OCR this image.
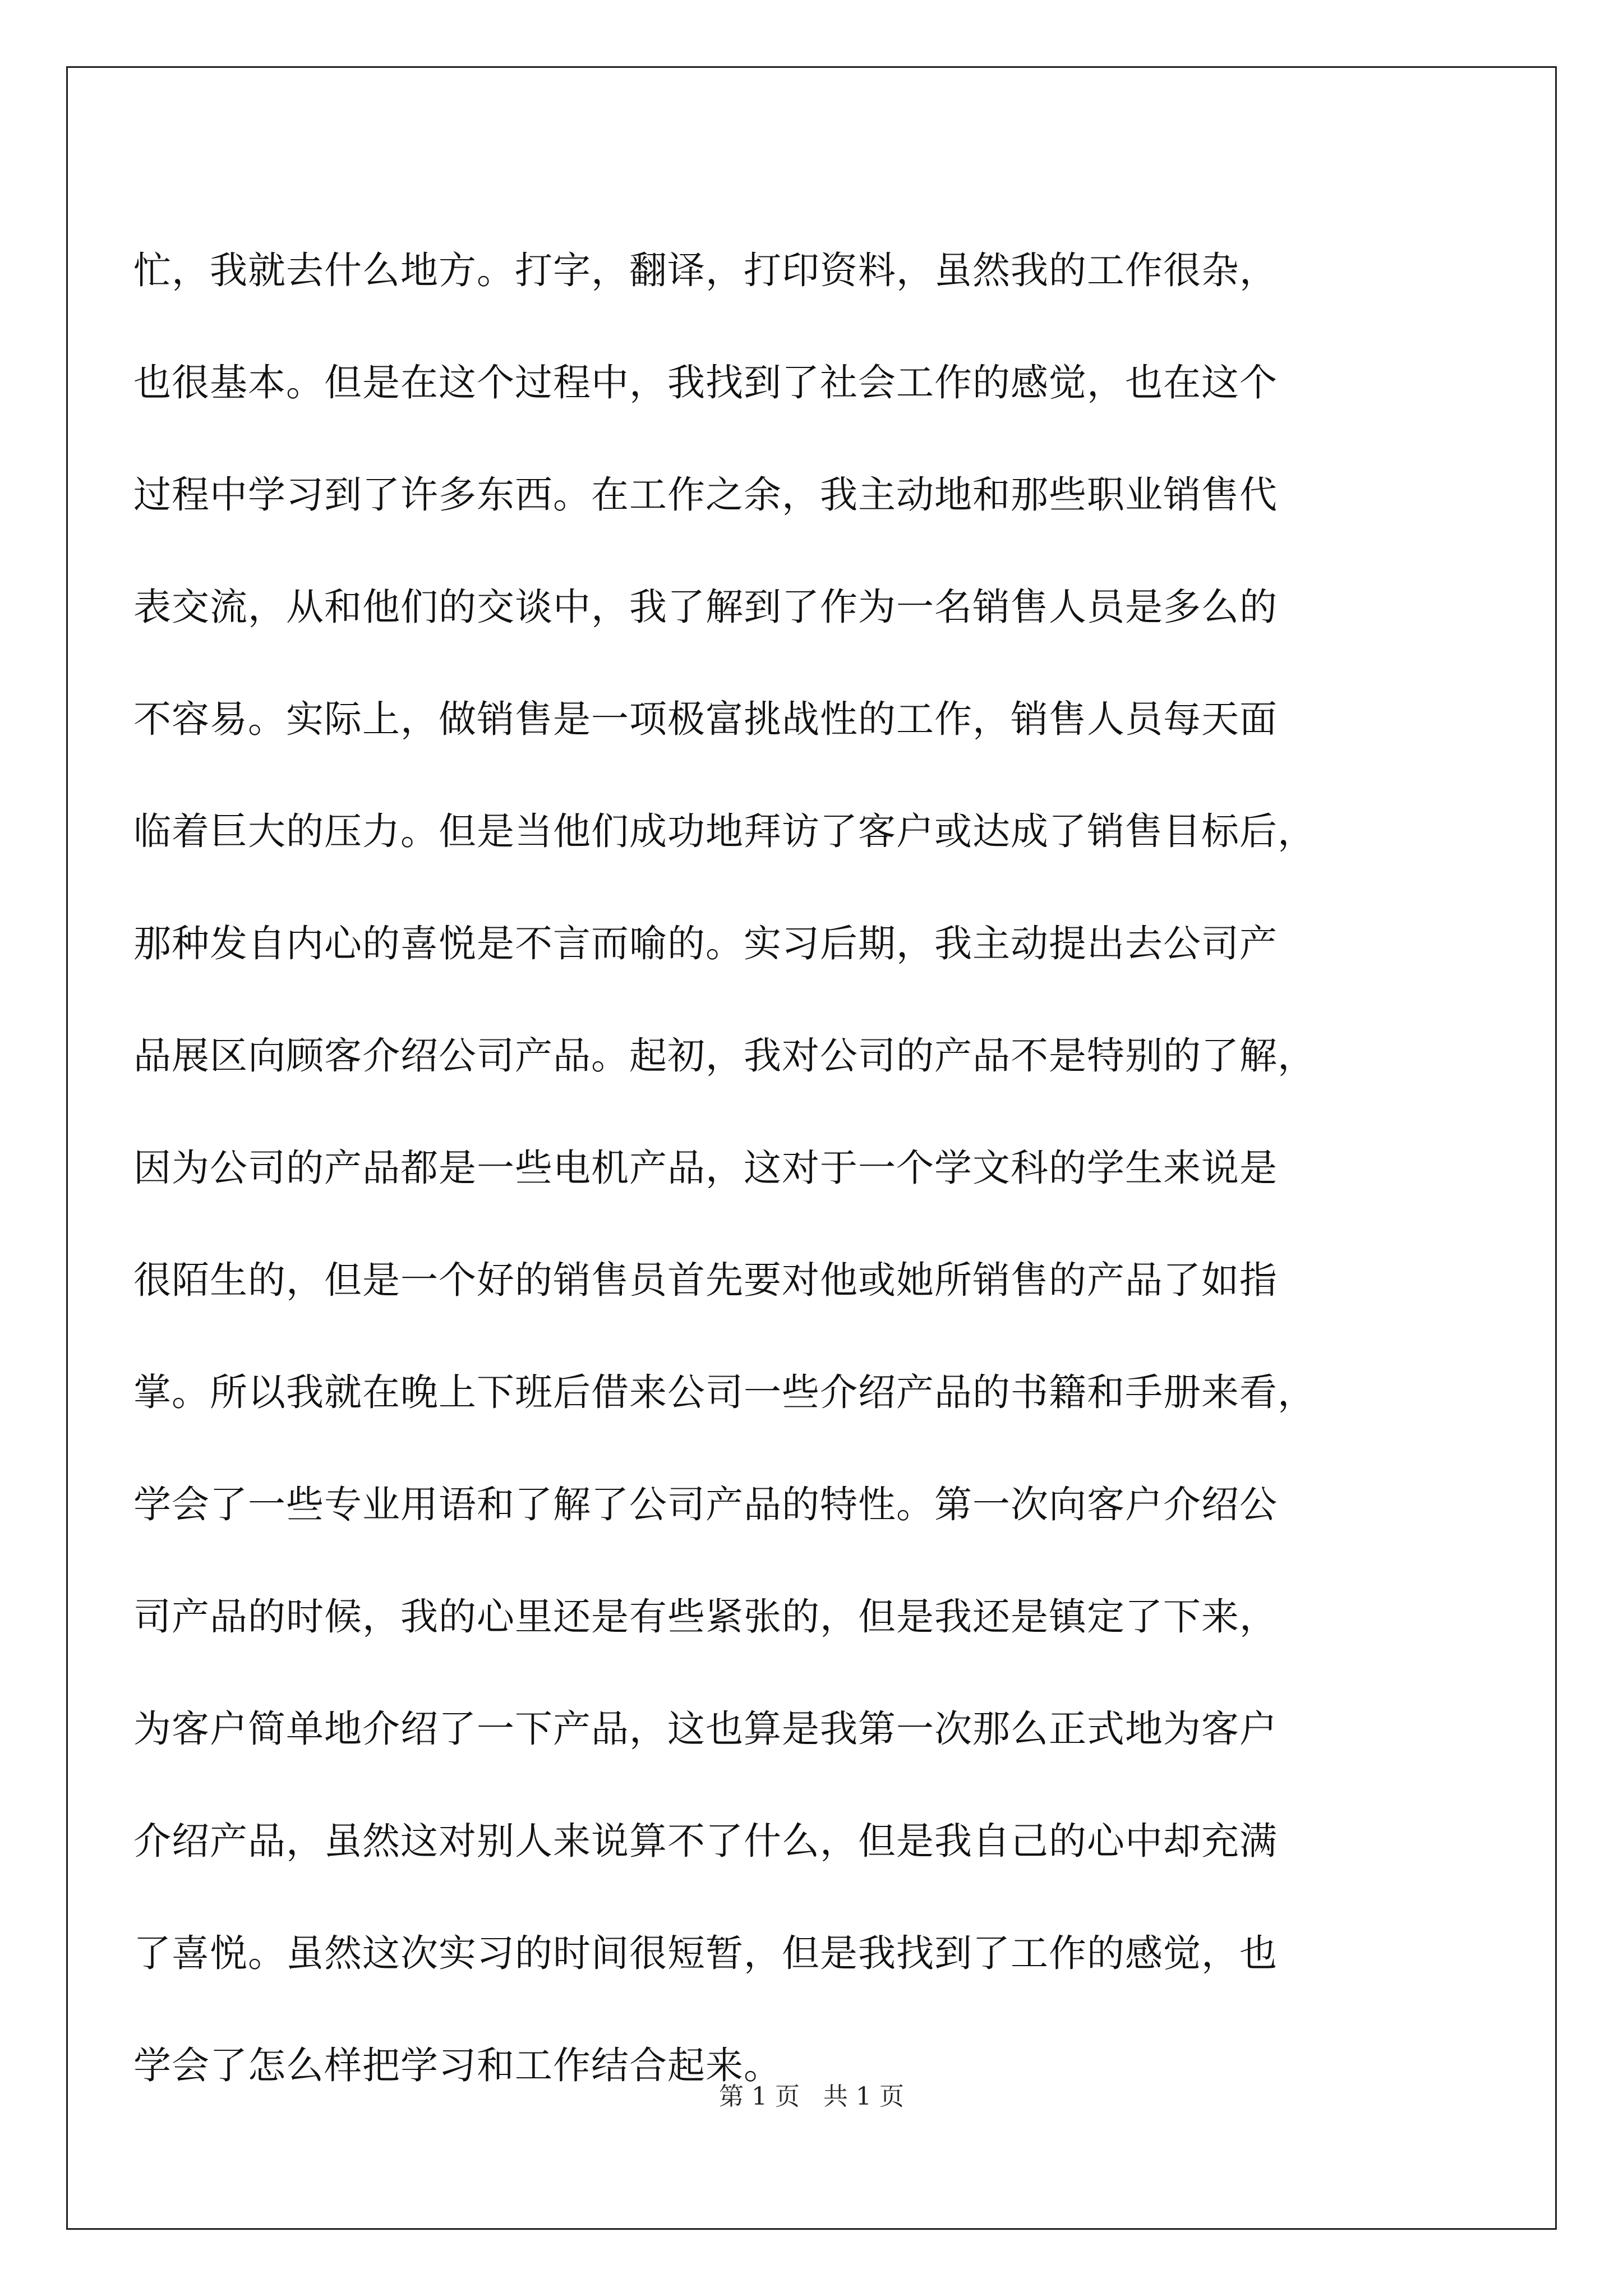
忙，我就去什么地方。打字，翻译，打印资料，虽然我的工作很杂，
也很基本。但是在这个过程中，我找到了社会工作的感觉，也在这个
过程中学习到了许多东西。在工作之余，我主动地和那些职业销售代
表交流，从和他们的交谈中，我了解到了作为一名销售人员是多么的
不容易。实际上，做销售是一项极富挑战性的工作，销售人员每天面
临着巨大的压力。但是当他们成功地拜访了客户或达成了销售目标后，
那种发自内心的喜悦是不言而喻的。实习后期，我主动提出去公司产
品展区向顾客介绍公司产品。起初，我对公司的产品不是特别的了解，
因为公司的产品都是一些电机产品，这对于一个学文科的学生来说是
很陌生的，但是一个好的销售员首先要对他或她所销售的产品了如指
掌。所以我就在晚上下班后借来公司一些介绍产品的书籍和手册来看，
学会了一些专业用语和了解了公司产品的特性。第一次向客户介绍公
司产品的时候，我的心里还是有些紧张的，但是我还是镇定了下来，
为客户简单地介绍了一下产品，这也算是我第一次那么正式地为客户
介绍产品，虽然这对别人来说算不了什么，但是我自己的心中却充满
了喜悦。虽然这次实习的时间很短暂，但是我找到了工作的感觉，也
学会了怎么样把学习和工作结合起来。
第 1 页   共 1 页
